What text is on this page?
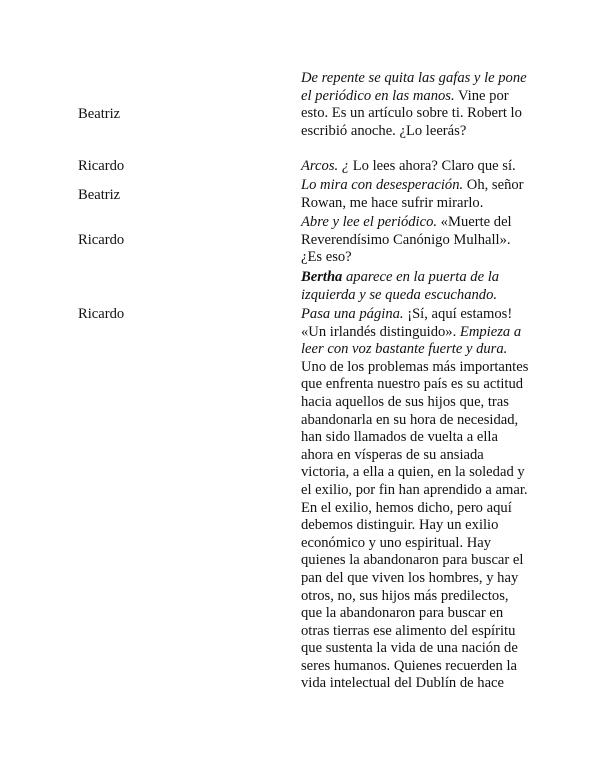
Beatriz
De repente se quita las gafas y le pone el periódico en las manos. Vine por esto. Es un artículo sobre ti. Robert lo escribió anoche. ¿Lo leerás?
Ricardo	Arcos. ¿ Lo lees ahora? Claro que sí.
Beatriz
Lo mira con desesperación. Oh, señor Rowan, me hace sufrir mirarlo.
Ricardo
Abre y lee el periódico. «Muerte del Reverendísimo Canónigo Mulhall». ¿Es eso?
Bertha aparece en la puerta de la izquierda y se queda escuchando.
Ricardo	Pasa una página. ¡Sí, aquí estamos! «Un irlandés distinguido». Empieza a leer con voz bastante fuerte y dura. Uno de los problemas más importantes que enfrenta nuestro país es su actitud hacia aquellos de sus hijos que, tras abandonarla en su hora de necesidad, han sido llamados de vuelta a ella ahora en vísperas de su ansiada victoria, a ella a quien, en la soledad y el exilio, por fin han aprendido a amar. En el exilio, hemos dicho, pero aquí debemos distinguir. Hay un exilio económico y uno espiritual. Hay quienes la abandonaron para buscar el pan del que viven los hombres, y hay otros, no, sus hijos más predilectos, que la abandonaron para buscar en otras tierras ese alimento del espíritu que sustenta la vida de una nación de seres humanos. Quienes recuerden la vida intelectual del Dublín de hace
